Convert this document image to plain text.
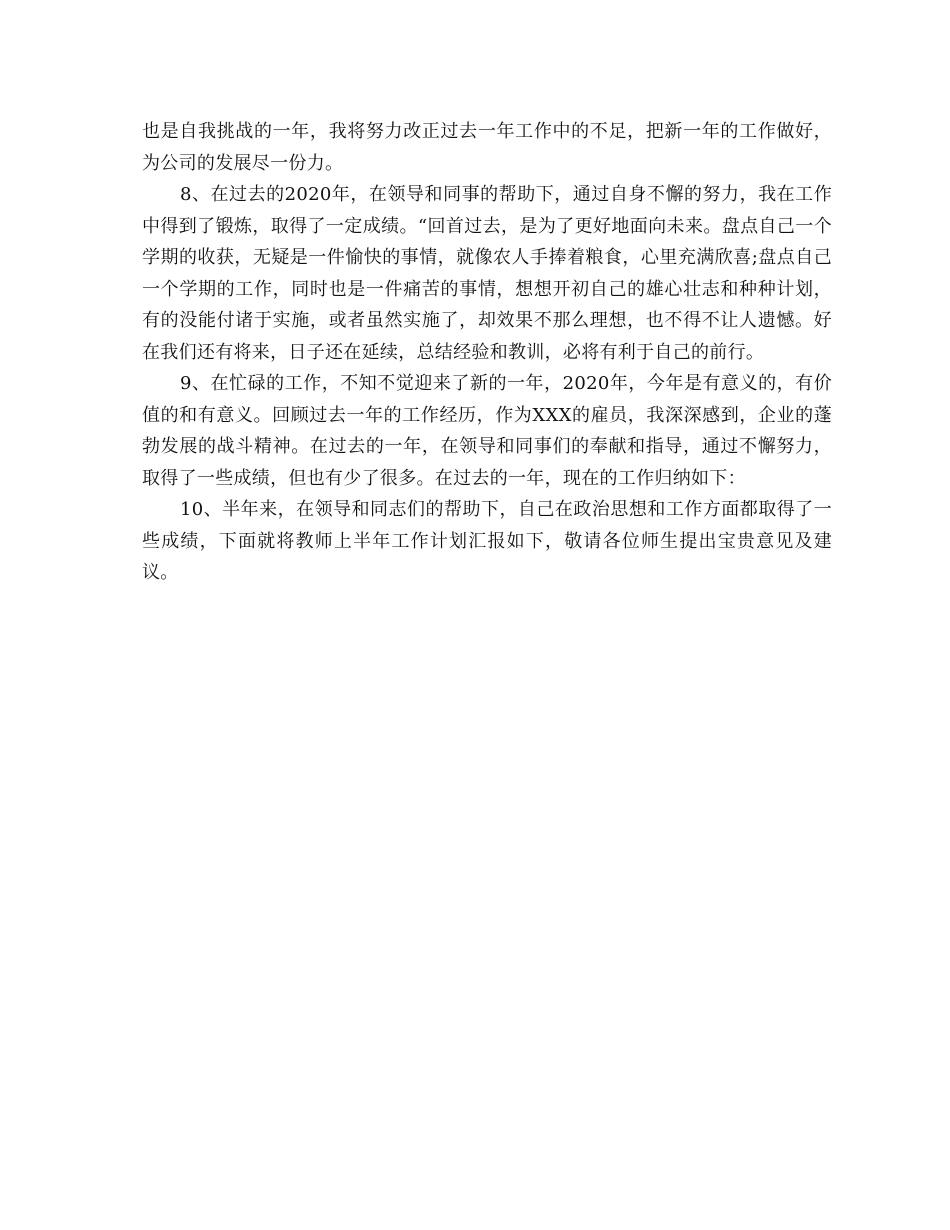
也是自我挑战的一年，我将努力改正过去一年工作中的不足，把新一年的工作做好，为公司的发展尽一份力。

8、在过去的2020年，在领导和同事的帮助下，通过自身不懈的努力，我在工作中得到了锻炼，取得了一定成绩。“回首过去，是为了更好地面向未来。盘点自己一个学期的收获，无疑是一件愉快的事情，就像农人手捧着粮食，心里充满欣喜;盘点自己一个学期的工作，同时也是一件痛苦的事情，想想开初自己的雄心壮志和种种计划，有的没能付诸于实施，或者虽然实施了，却效果不那么理想，也不得不让人遗憾。好在我们还有将来，日子还在延续，总结经验和教训，必将有利于自己的前行。

9、在忙碌的工作，不知不觉迎来了新的一年，2020年，今年是有意义的，有价值的和有意义。回顾过去一年的工作经历，作为XXX的雇员，我深深感到，企业的蓬勃发展的战斗精神。在过去的一年，在领导和同事们的奉献和指导，通过不懈努力，取得了一些成绩，但也有少了很多。在过去的一年，现在的工作归纳如下：

10、半年来，在领导和同志们的帮助下，自己在政治思想和工作方面都取得了一些成绩，下面就将教师上半年工作计划汇报如下，敬请各位师生提出宝贵意见及建议。
